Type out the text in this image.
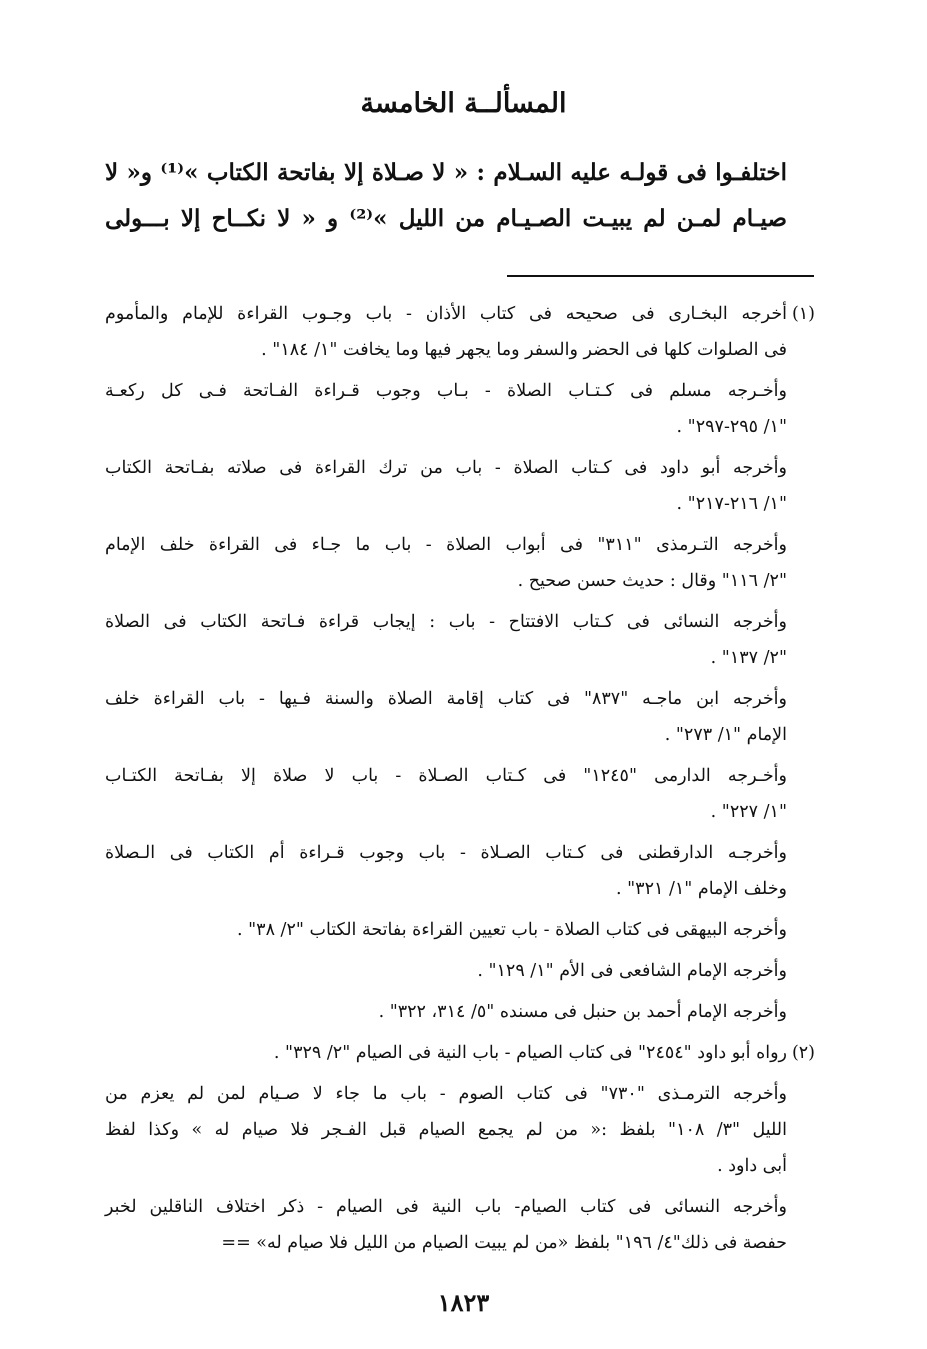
المسألــة الخامسة
اختلفـوا فى قولـه عليه السـلام : « لا صـلاة إلا بفاتحة الكتاب »⁽¹⁾ و« لا
صيـام لمـن لم يبيـت الصـيـام من الليل »⁽²⁾ و « لا نكــاح إلا بـــولى
(١)
أخرجه البخـارى فى صحيحه فى كتاب الأذان - باب وجـوب القراءة للإمام والمأموم
فى الصلوات كلها فى الحضر والسفر وما يجهر فيها وما يخافت "١/ ١٨٤" .
وأخـرجه مسلم فى كـتـاب الصلاة - بـاب وجوب قـراءة الفـاتحة فـى كل ركعـة
"١/ ٢٩٥-٢٩٧" .
وأخرجه أبو داود فى كـتاب الصلاة - باب من ترك القراءة فى صلاته بفـاتحة الكتاب
"١/ ٢١٦-٢١٧" .
وأخرجه التـرمذى "٣١١" فى أبواب الصلاة - باب ما جـاء فى القراءة خلف الإمام
"٢/ ١١٦" وقال : حديث حسن صحيح .
وأخرجه النسائى فى كـتاب الافتتاح - باب : إيجاب قراءة فـاتحة الكتاب فى الصلاة
"٢/ ١٣٧" .
وأخرجه ابن ماجـه "٨٣٧" فى كتاب إقامة الصلاة والسنة فـيها - باب القراءة خلف
الإمام "١/ ٢٧٣" .
وأخـرجه الدارمى "١٢٤٥" فى كـتاب الصـلاة - باب لا صلاة إلا بفـاتحة الكتـاب
"١/ ٢٢٧" .
وأخرجـه الدارقطنى فى كـتاب الصـلاة - باب وجوب قـراءة أم الكتاب فى الـصلاة
وخلف الإمام "١/ ٣٢١" .
وأخرجه البيهقى فى كتاب الصلاة - باب تعيين القراءة بفاتحة الكتاب "٢/ ٣٨" .
وأخرجه الإمام الشافعى فى الأم "١/ ١٢٩" .
وأخرجه الإمام أحمد بن حنبل فى مسنده "٥/ ٣١٤، ٣٢٢" .
(٢)
رواه أبو داود "٢٤٥٤" فى كتاب الصيام - باب النية فى الصيام "٢/ ٣٢٩" .
وأخرجه الترمـذى "٧٣٠" فى كتاب الصوم - باب ما جاء لا صـيام لمن لم يعزم من
الليل "٣/ ١٠٨" بلفظ :« من لم يجمع الصيام قبل الفـجر فلا صيام له » وكذا لفظ
أبى داود .
وأخرجه النسائى فى كتاب الصيام- باب النية فى الصيام - ذكر اختلاف الناقلين لخبر
حفصة فى ذلك"٤/ ١٩٦" بلفظ «من لم يبيت الصيام من الليل فلا صيام له» ==
١٨٢٣
